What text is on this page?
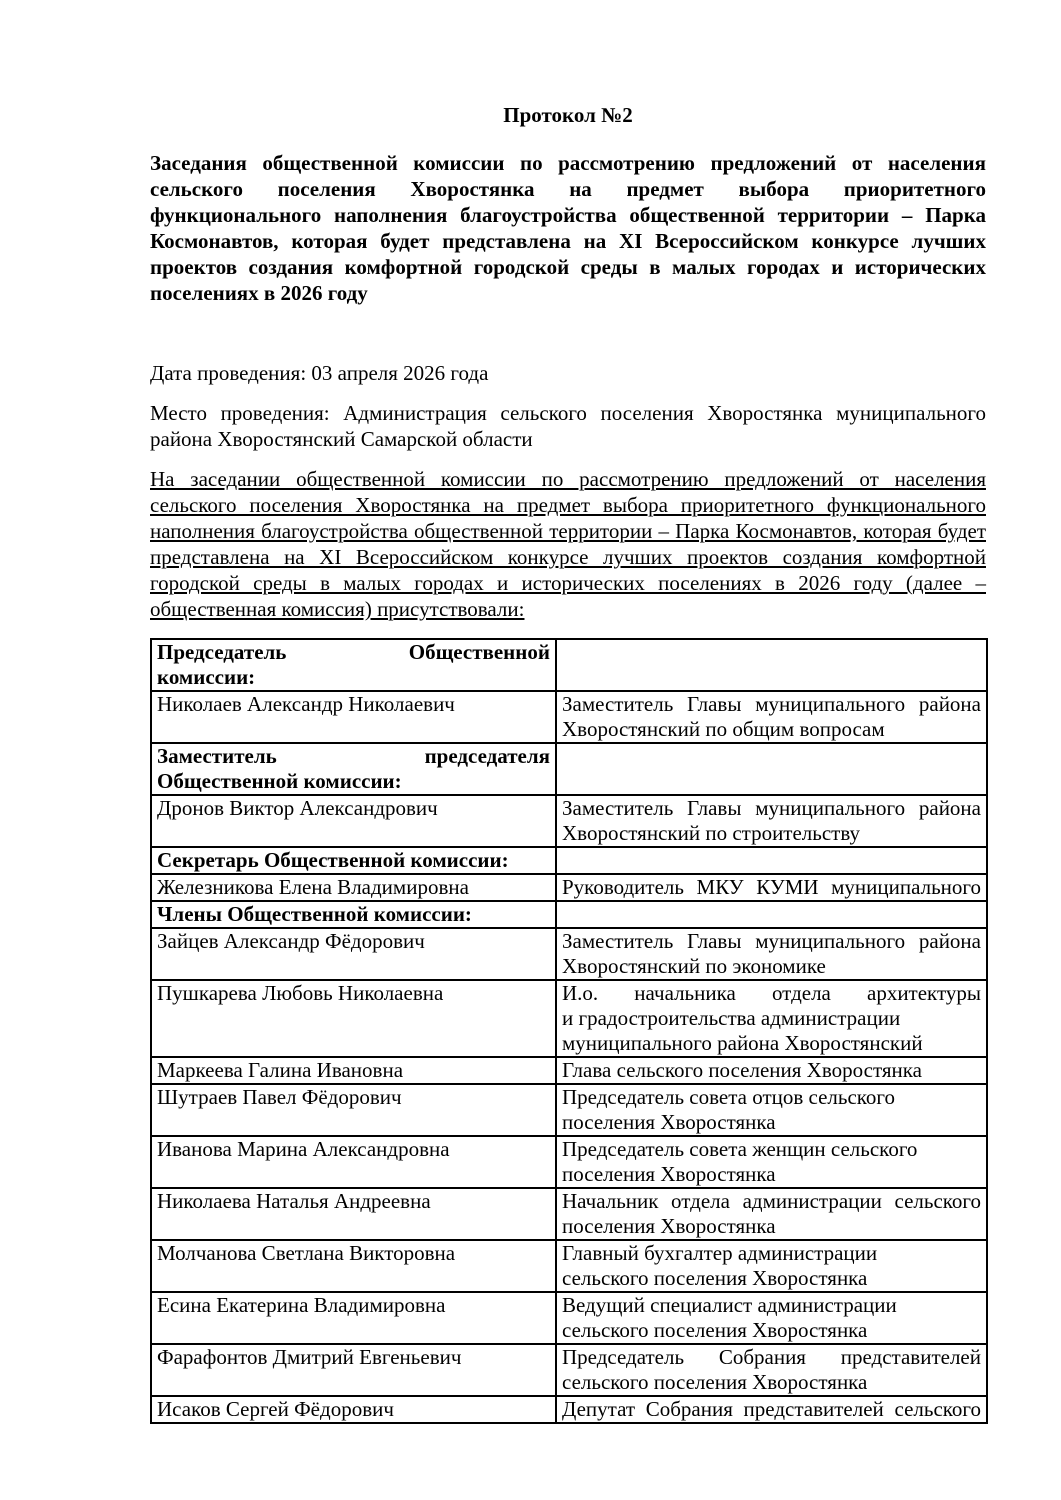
Протокол №2

Заседания общественной комиссии по рассмотрению предложений от населения сельского поселения Хворостянка на предмет выбора приоритетного функционального наполнения благоустройства общественной территории – Парка Космонавтов, которая будет представлена на XI Всероссийском конкурсе лучших проектов создания комфортной городской среды в малых городах и исторических поселениях в 2026 году

Дата проведения: 03 апреля 2026 года

Место проведения: Администрация сельского поселения Хворостянка муниципального района Хворостянский Самарской области

На заседании общественной комиссии по рассмотрению предложений от населения сельского поселения Хворостянка на предмет выбора приоритетного функционального наполнения благоустройства общественной территории – Парка Космонавтов, которая будет представлена на XI Всероссийском конкурсе лучших проектов создания комфортной городской среды в малых городах и исторических поселениях в 2026 году (далее – общественная комиссия) присутствовали:

Председатель Общественной
комиссии:	

Николаев Александр Николаевич	Заместитель Главы муниципального района
Хворостянский по общим вопросам

Заместитель председателя
Общественной комиссии:	

Дронов Виктор Александрович	Заместитель Главы муниципального района
Хворостянский по строительству

Секретарь Общественной комиссии:	

Железникова Елена Владимировна	Руководитель МКУ КУМИ муниципального

Члены Общественной комиссии:	

Зайцев Александр Фёдорович	Заместитель Главы муниципального района
Хворостянский по экономике

Пушкарева Любовь Николаевна	И.о. начальника отдела архитектуры
и градостроительства администрации
муниципального района Хворостянский

Маркеева Галина Ивановна	Глава сельского поселения Хворостянка

Шутраев Павел Фёдорович	Председатель совета отцов сельского
поселения Хворостянка

Иванова Марина Александровна	Председатель совета женщин сельского
поселения Хворостянка

Николаева Наталья Андреевна	Начальник отдела администрации сельского
поселения Хворостянка

Молчанова Светлана Викторовна	Главный бухгалтер администрации
сельского поселения Хворостянка

Есина Екатерина Владимировна	Ведущий специалист администрации
сельского поселения Хворостянка

Фарафонтов Дмитрий Евгеньевич	Председатель Собрания представителей
сельского поселения Хворостянка

Исаков Сергей Фёдорович	Депутат Собрания представителей сельского
